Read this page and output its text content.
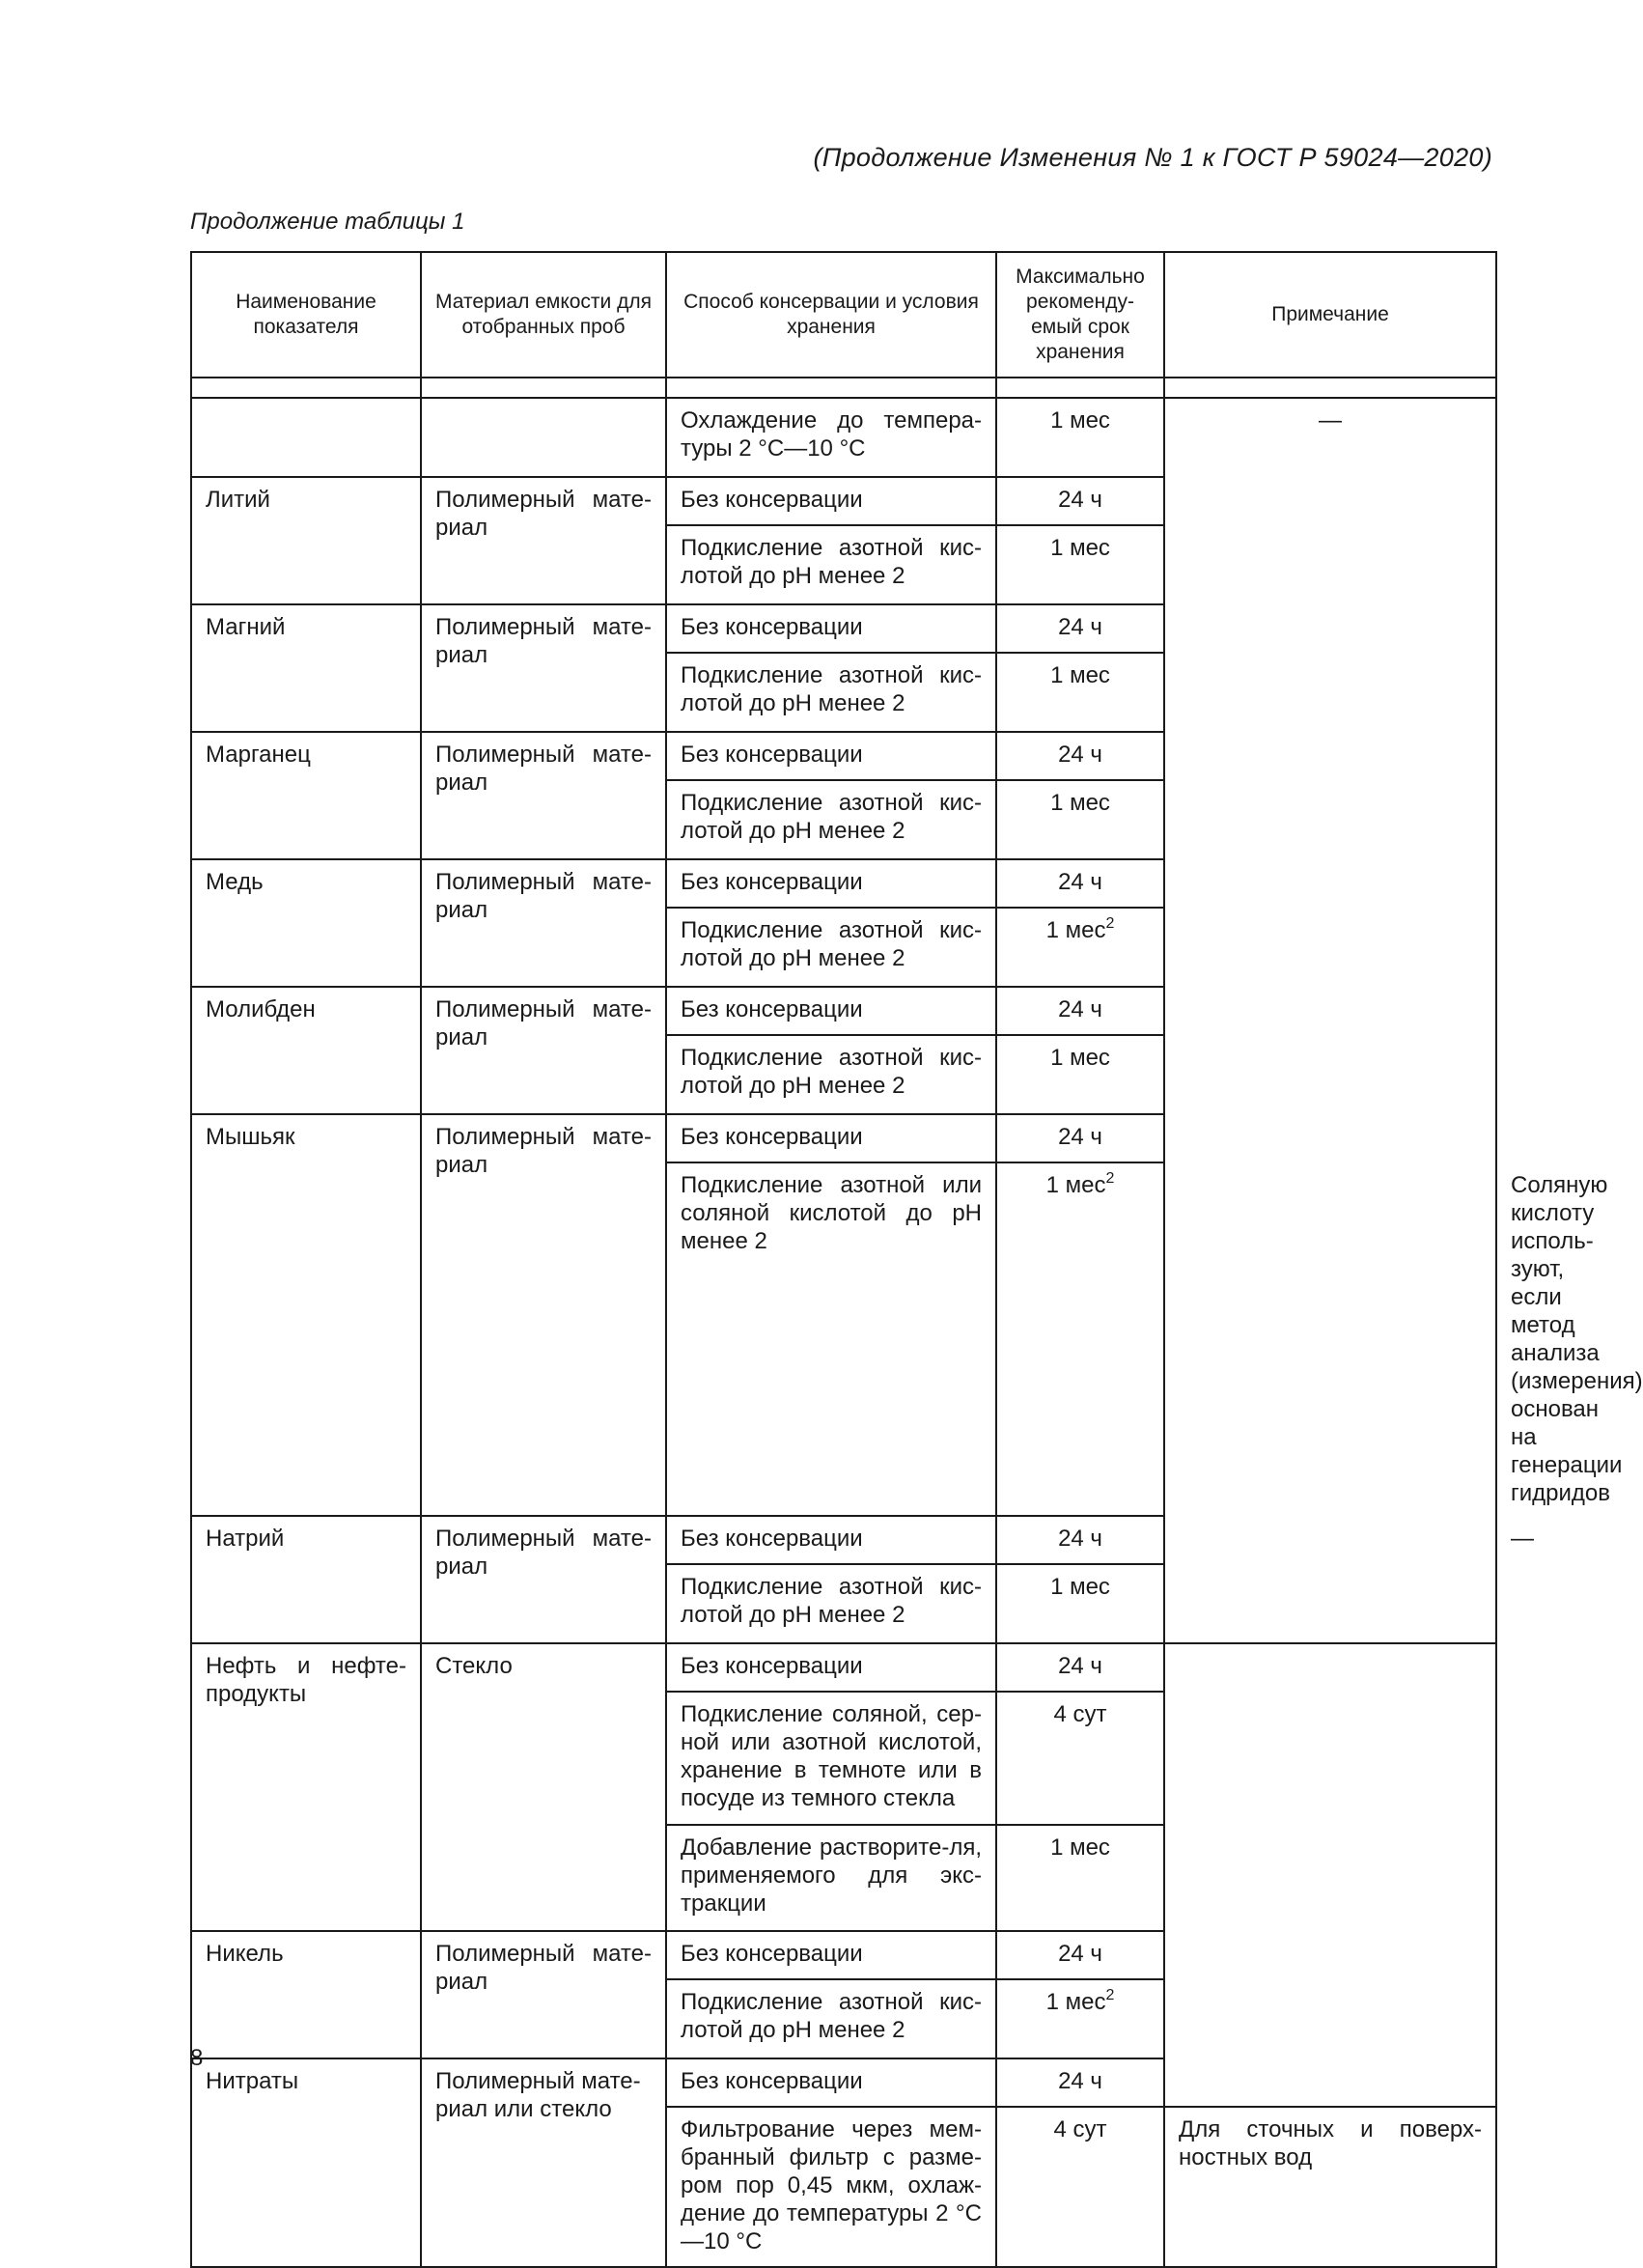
(Продолжение Изменения № 1 к ГОСТ Р 59024—2020)
Продолжение таблицы 1
Наименование показателя	Материал емкости для отобранных проб	Способ консервации и условия хранения	Максимально рекоменду-емый срок хранения	Примечание	

		Охлаждение до темпера-туры 2 °С—10 °С	1 мес	—	
Литий	Полимерный мате-риал	Без консервации	24 ч		
		Подкисление азотной кис-лотой до рН менее 2	1 мес		
Магний	Полимерный мате-риал	Без консервации	24 ч		
		Подкисление азотной кис-лотой до рН менее 2	1 мес		
Марганец	Полимерный мате-риал	Без консервации	24 ч		
		Подкисление азотной кис-лотой до рН менее 2	1 мес		
Медь	Полимерный мате-риал	Без консервации	24 ч		
		Подкисление азотной кис-лотой до рН менее 2	1 мес$^2$
Молибден	Полимерный мате-риал	Без консервации	24 ч		
		Подкисление азотной кис-лотой до рН менее 2	1 мес		
Мышьяк	Полимерный мате-риал	Без консервации	24 ч		
		Подкисление азотной или соляной кислотой до рН менее 2	1 мес$^2$		Соляную кислоту исполь-зуют, если метод анализа (измерения) основан на генерации гидридов
Натрий	Полимерный мате-риал	Без консервации	24 ч		—
		Подкисление азотной кис-лотой до рН менее 2	1 мес		
Нефть и нефте-продукты	Стекло	Без консервации	24 ч		
		Подкисление соляной, сер-ной или азотной кислотой, хранение в темноте или в посуде из темного стекла	4 сут		
		Добавление растворите-ля, применяемого для экс-тракции	1 мес		
Никель	Полимерный мате-риал	Без консервации	24 ч		
		Подкисление азотной кис-лотой до рН менее 2	1 мес$^2$
Нитраты	Полимерный мате-риал или стекло	Без консервации	24 ч		
		Фильтрование через мем-бранный фильтр с разме-ром пор 0,45 мкм, охлаж-дение до температуры 2 °С—10 °С	4 сут	Для сточных и поверх-ностных вод	
8
